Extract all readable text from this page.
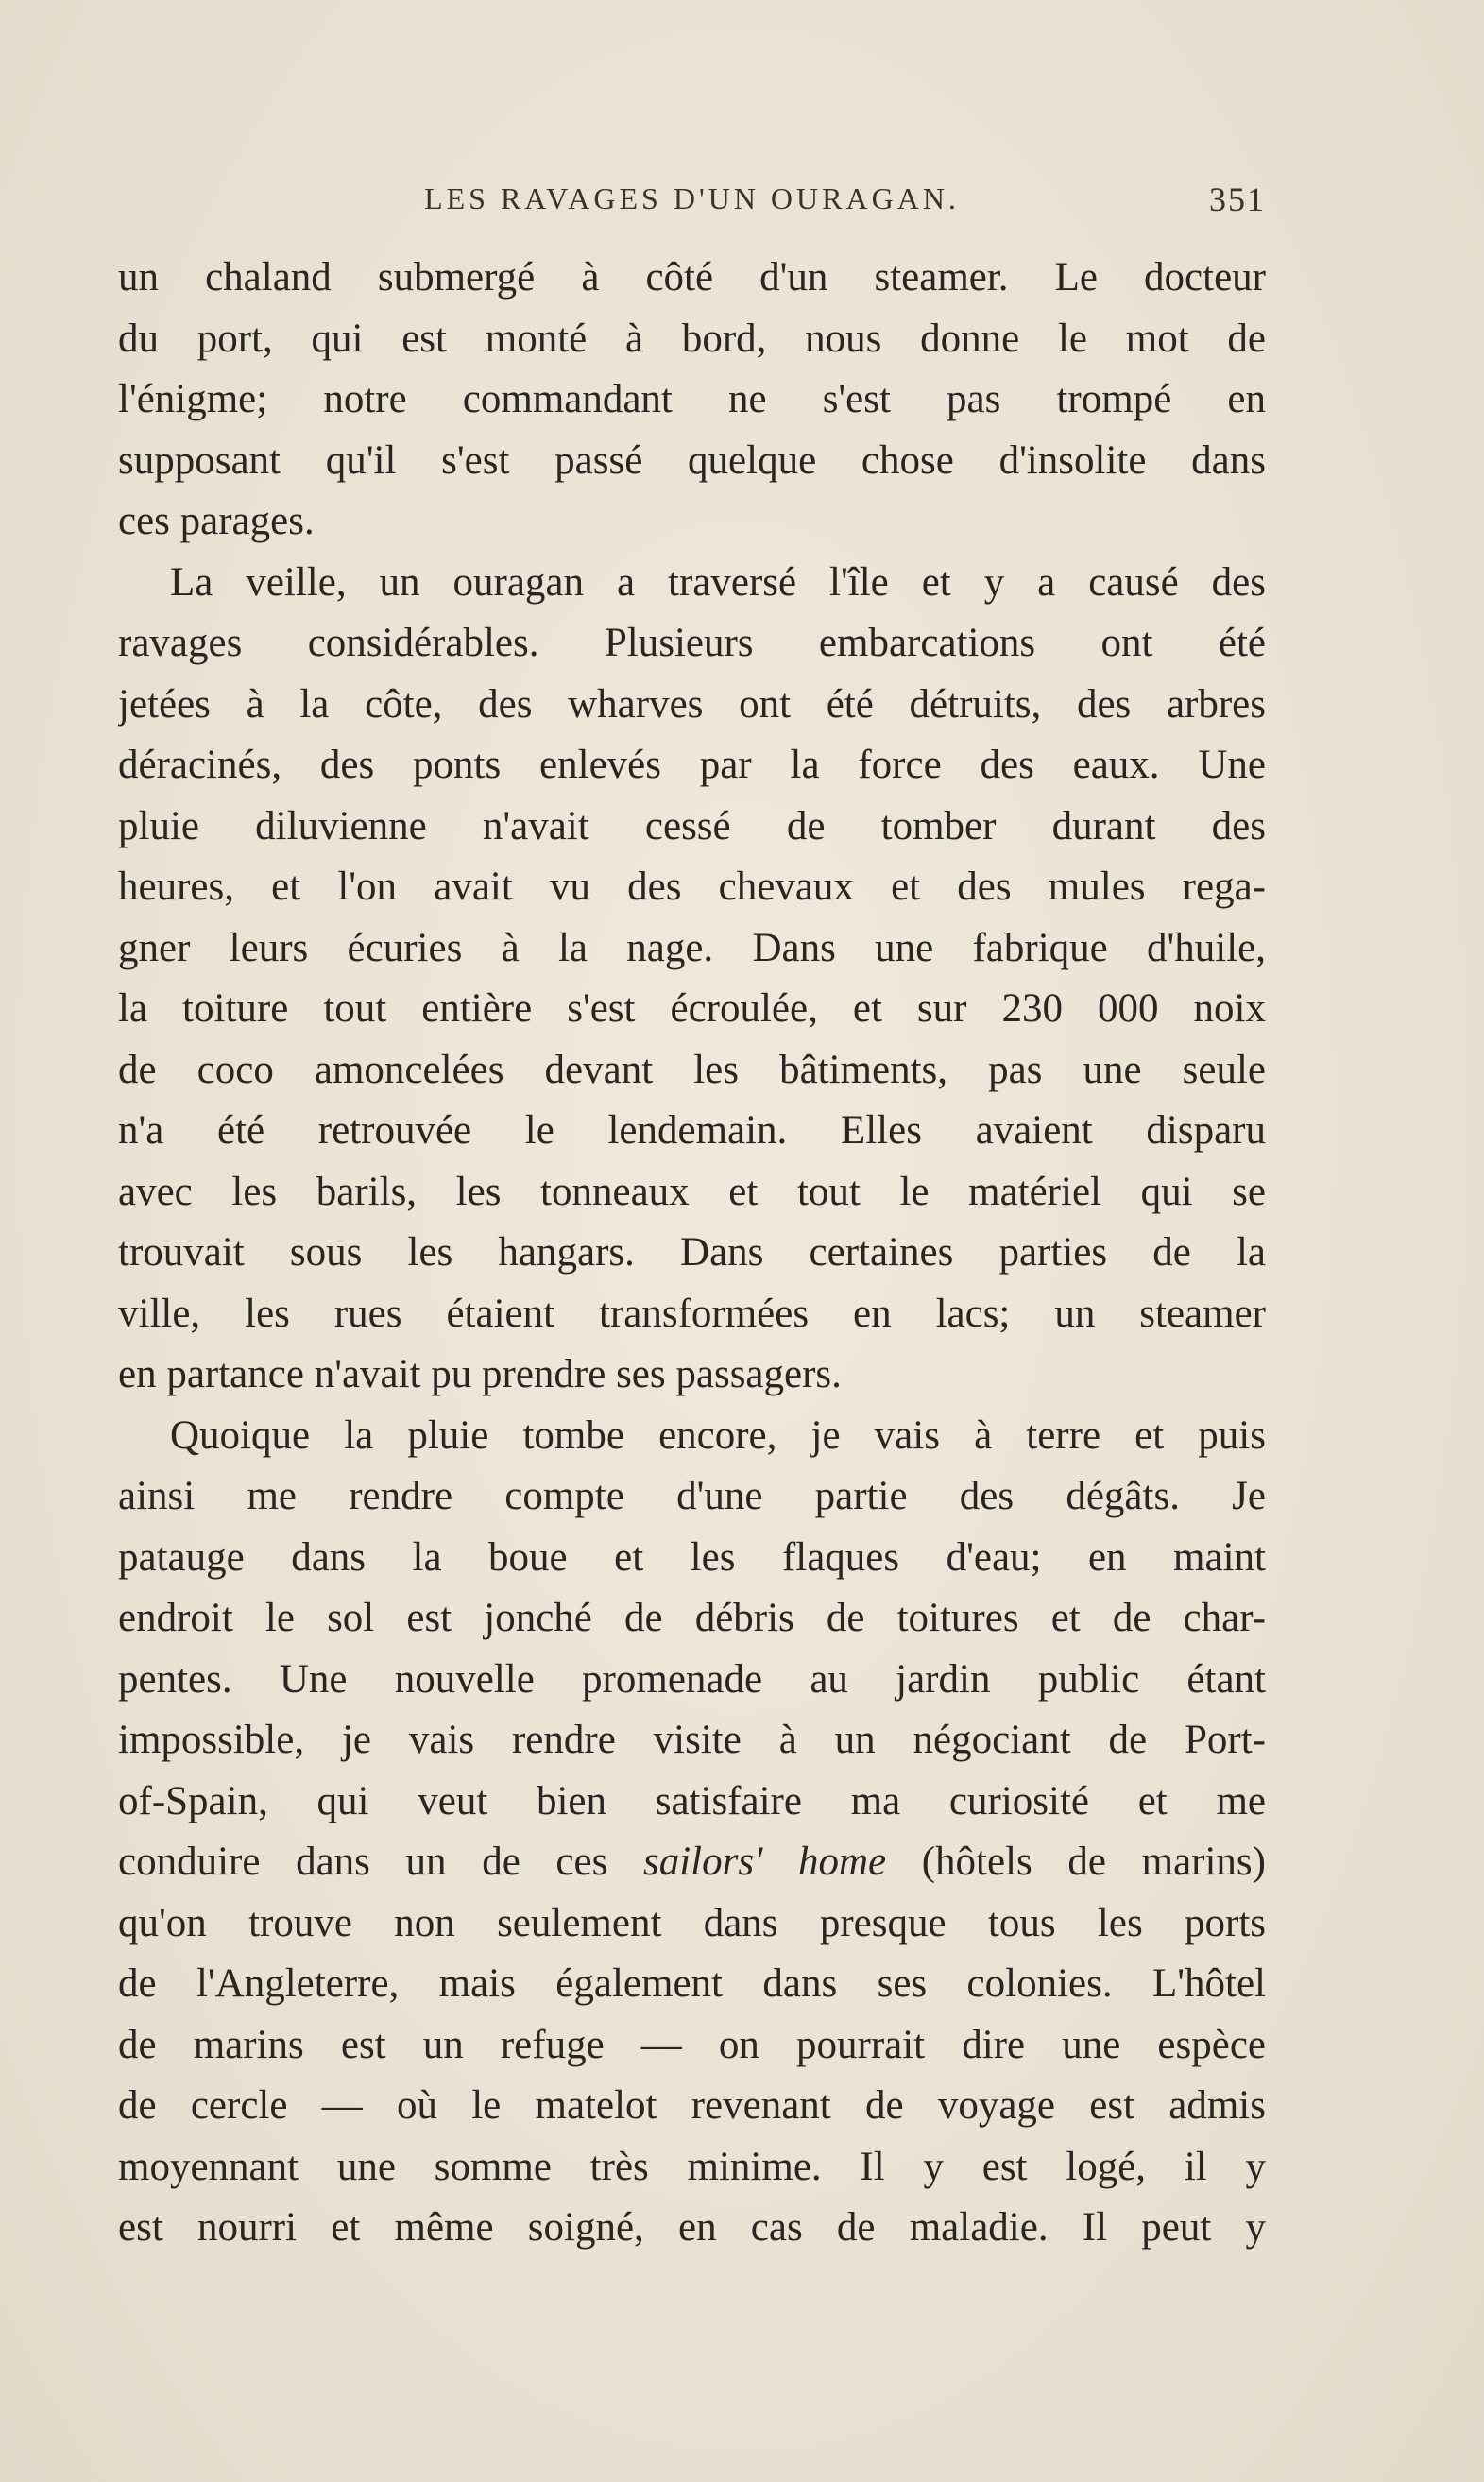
LES RAVAGES D'UN OURAGAN.	351
un chaland submergé à côté d'un steamer. Le docteur
du port, qui est monté à bord, nous donne le mot de
l'énigme; notre commandant ne s'est pas trompé en
supposant qu'il s'est passé quelque chose d'insolite dans
ces parages.
La veille, un ouragan a traversé l'île et y a causé des
ravages considérables. Plusieurs embarcations ont été
jetées à la côte, des wharves ont été détruits, des arbres
déracinés, des ponts enlevés par la force des eaux. Une
pluie diluvienne n'avait cessé de tomber durant des
heures, et l'on avait vu des chevaux et des mules rega-
gner leurs écuries à la nage. Dans une fabrique d'huile,
la toiture tout entière s'est écroulée, et sur 230 000 noix
de coco amoncelées devant les bâtiments, pas une seule
n'a été retrouvée le lendemain. Elles avaient disparu
avec les barils, les tonneaux et tout le matériel qui se
trouvait sous les hangars. Dans certaines parties de la
ville, les rues étaient transformées en lacs; un steamer
en partance n'avait pu prendre ses passagers.
Quoique la pluie tombe encore, je vais à terre et puis
ainsi me rendre compte d'une partie des dégâts. Je
patauge dans la boue et les flaques d'eau; en maint
endroit le sol est jonché de débris de toitures et de char-
pentes. Une nouvelle promenade au jardin public étant
impossible, je vais rendre visite à un négociant de Port-
of-Spain, qui veut bien satisfaire ma curiosité et me
conduire dans un de ces sailors' home (hôtels de marins)
qu'on trouve non seulement dans presque tous les ports
de l'Angleterre, mais également dans ses colonies. L'hôtel
de marins est un refuge — on pourrait dire une espèce
de cercle — où le matelot revenant de voyage est admis
moyennant une somme très minime. Il y est logé, il y
est nourri et même soigné, en cas de maladie. Il peut y
